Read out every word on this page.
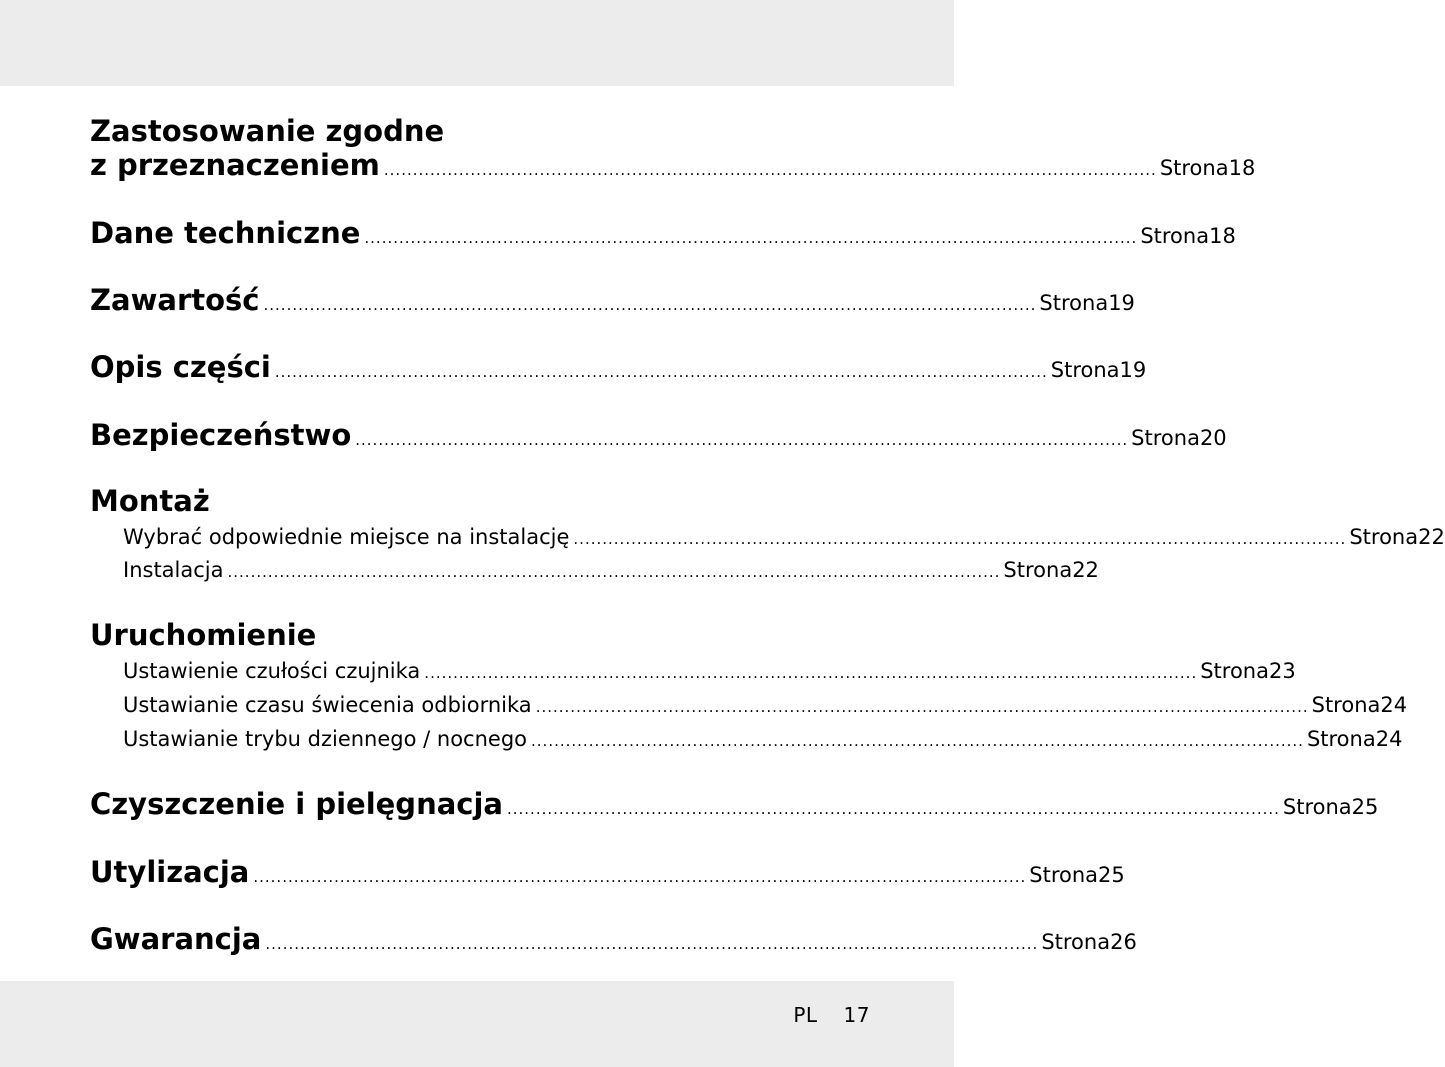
Zastosowanie zgodne
z przeznaczeniem ...................................................................................................................................... Strona 18
Dane techniczne ...................................................................................................................................... Strona 18
Zawartość ...................................................................................................................................... Strona 19
Opis części ...................................................................................................................................... Strona 19
Bezpieczeństwo ...................................................................................................................................... Strona 20
Montaż
Wybrać odpowiednie miejsce na instalację ...................................................................................................................................... Strona 22
Instalacja ...................................................................................................................................... Strona 22
Uruchomienie
Ustawienie czułości czujnika ...................................................................................................................................... Strona 23
Ustawianie czasu świecenia odbiornika ...................................................................................................................................... Strona 24
Ustawianie trybu dziennego / nocnego ...................................................................................................................................... Strona 24
Czyszczenie i pielęgnacja ...................................................................................................................................... Strona 25
Utylizacja ...................................................................................................................................... Strona 25
Gwarancja ...................................................................................................................................... Strona 26
PL 17
